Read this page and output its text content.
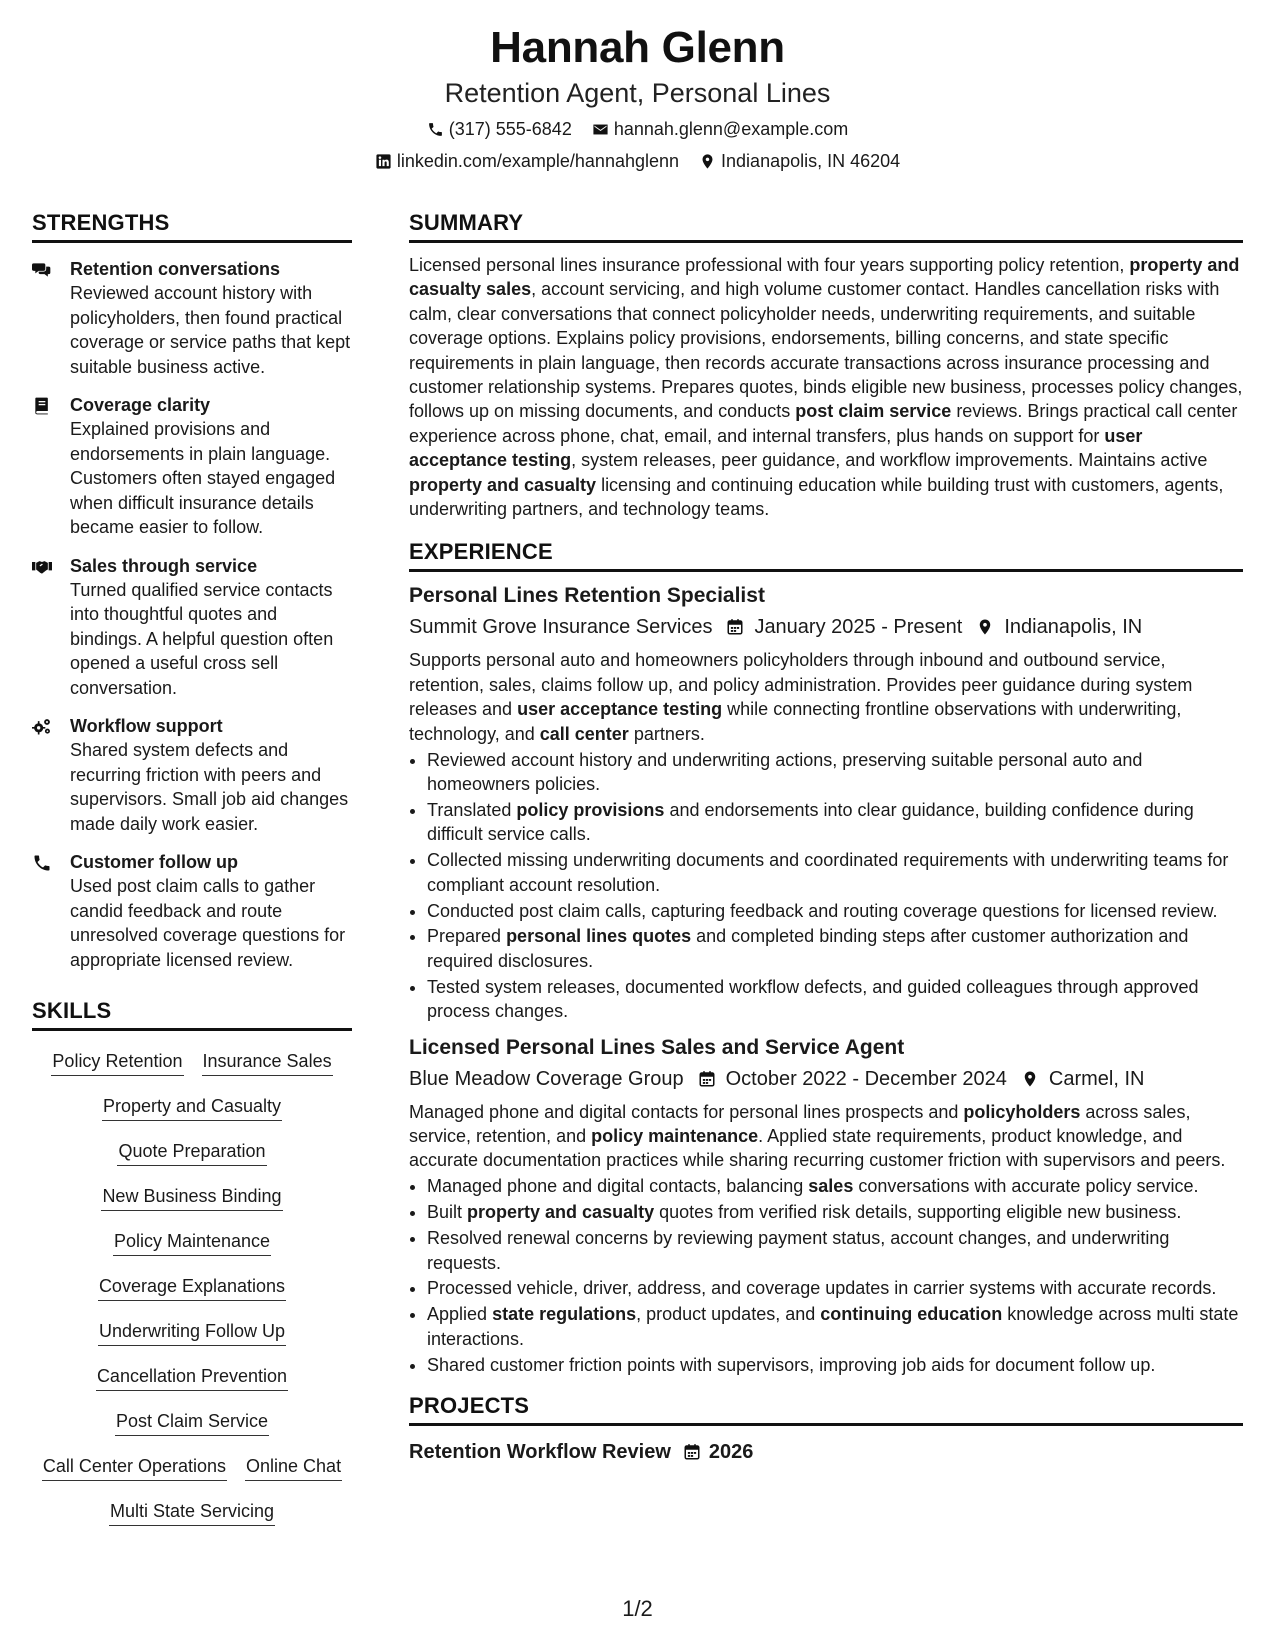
Hannah Glenn
Retention Agent, Personal Lines
(317) 555-6842 hannah.glenn@example.com
linkedin.com/example/hannahglenn Indianapolis, IN 46204
STRENGTHS
Retention conversations
Reviewed account history with policyholders, then found practical coverage or service paths that kept suitable business active.
Coverage clarity
Explained provisions and endorsements in plain language. Customers often stayed engaged when difficult insurance details became easier to follow.
Sales through service
Turned qualified service contacts into thoughtful quotes and bindings. A helpful question often opened a useful cross sell conversation.
Workflow support
Shared system defects and recurring friction with peers and supervisors. Small job aid changes made daily work easier.
Customer follow up
Used post claim calls to gather candid feedback and route unresolved coverage questions for appropriate licensed review.
SKILLS
Policy Retention Insurance Sales
Property and Casualty
Quote Preparation
New Business Binding
Policy Maintenance
Coverage Explanations
Underwriting Follow Up
Cancellation Prevention
Post Claim Service
Call Center Operations Online Chat
Multi State Servicing
SUMMARY
Licensed personal lines insurance professional with four years supporting policy retention, property and casualty sales, account servicing, and high volume customer contact. Handles cancellation risks with calm, clear conversations that connect policyholder needs, underwriting requirements, and suitable coverage options. Explains policy provisions, endorsements, billing concerns, and state specific requirements in plain language, then records accurate transactions across insurance processing and customer relationship systems. Prepares quotes, binds eligible new business, processes policy changes, follows up on missing documents, and conducts post claim service reviews. Brings practical call center experience across phone, chat, email, and internal transfers, plus hands on support for user acceptance testing, system releases, peer guidance, and workflow improvements. Maintains active property and casualty licensing and continuing education while building trust with customers, agents, underwriting partners, and technology teams.
EXPERIENCE
Personal Lines Retention Specialist
Summit Grove Insurance Services January 2025 - Present Indianapolis, IN
Supports personal auto and homeowners policyholders through inbound and outbound service, retention, sales, claims follow up, and policy administration. Provides peer guidance during system releases and user acceptance testing while connecting frontline observations with underwriting, technology, and call center partners.
• Reviewed account history and underwriting actions, preserving suitable personal auto and homeowners policies.
• Translated policy provisions and endorsements into clear guidance, building confidence during difficult service calls.
• Collected missing underwriting documents and coordinated requirements with underwriting teams for compliant account resolution.
• Conducted post claim calls, capturing feedback and routing coverage questions for licensed review.
• Prepared personal lines quotes and completed binding steps after customer authorization and required disclosures.
• Tested system releases, documented workflow defects, and guided colleagues through approved process changes.
Licensed Personal Lines Sales and Service Agent
Blue Meadow Coverage Group October 2022 - December 2024 Carmel, IN
Managed phone and digital contacts for personal lines prospects and policyholders across sales, service, retention, and policy maintenance. Applied state requirements, product knowledge, and accurate documentation practices while sharing recurring customer friction with supervisors and peers.
• Managed phone and digital contacts, balancing sales conversations with accurate policy service.
• Built property and casualty quotes from verified risk details, supporting eligible new business.
• Resolved renewal concerns by reviewing payment status, account changes, and underwriting requests.
• Processed vehicle, driver, address, and coverage updates in carrier systems with accurate records.
• Applied state regulations, product updates, and continuing education knowledge across multi state interactions.
• Shared customer friction points with supervisors, improving job aids for document follow up.
PROJECTS
Retention Workflow Review 2026
1/2
